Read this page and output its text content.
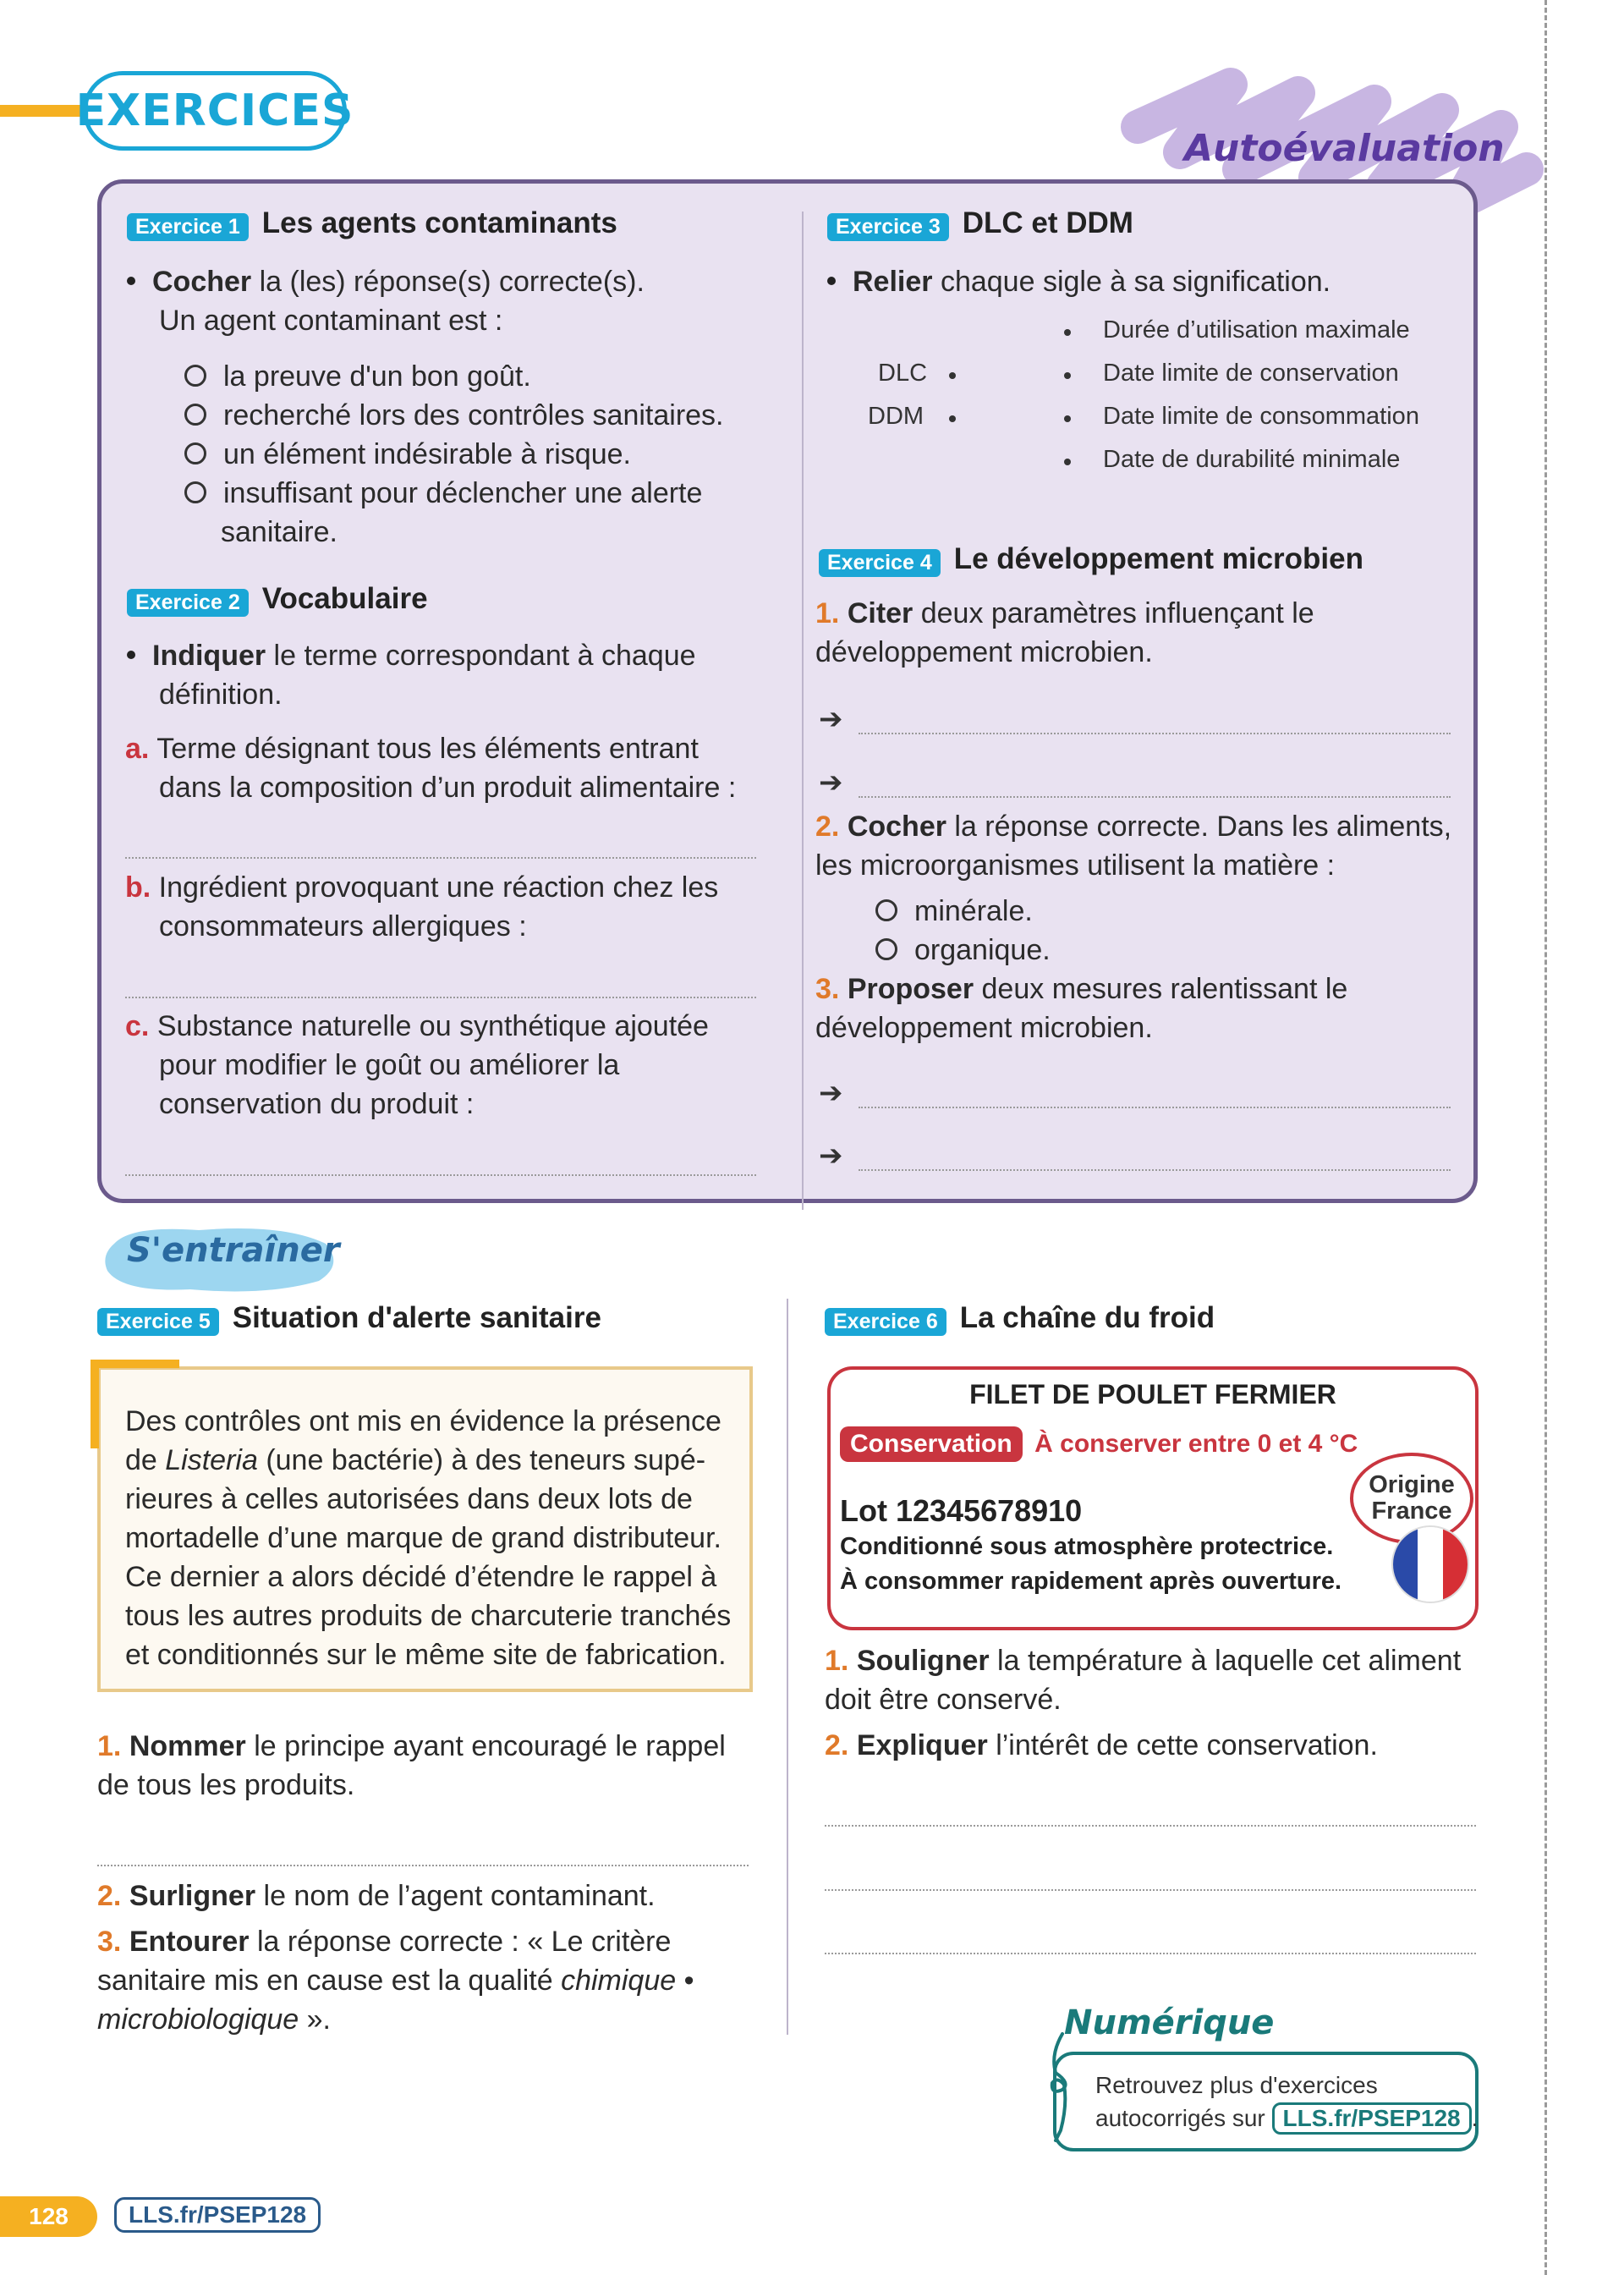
EXERCICES
Autoévaluation
Exercice 1 Les agents contaminants
Cocher la (les) réponse(s) correcte(s).
Un agent contaminant est :
la preuve d'un bon goût.
recherché lors des contrôles sanitaires.
un élément indésirable à risque.
insuffisant pour déclencher une alerte
sanitaire.
Exercice 2 Vocabulaire
Indiquer le terme correspondant à chaque
définition.
a. Terme désignant tous les éléments entrant
dans la composition d’un produit alimentaire :
b. Ingrédient provoquant une réaction chez les
consommateurs allergiques :
c. Substance naturelle ou synthétique ajoutée
pour modifier le goût ou améliorer la
conservation du produit :
Exercice 3 DLC et DDM
Relier chaque sigle à sa signification.
DLC
DDM
Durée d’utilisation maximale
Date limite de conservation
Date limite de consommation
Date de durabilité minimale
Exercice 4 Le développement microbien
1. Citer deux paramètres influençant le
développement microbien.
➔
➔
2. Cocher la réponse correcte. Dans les aliments,
les microorganismes utilisent la matière :
minérale.
organique.
3. Proposer deux mesures ralentissant le
développement microbien.
➔
➔
S'entraîner
Exercice 5 Situation d'alerte sanitaire
Des contrôles ont mis en évidence la présence
de Listeria (une bactérie) à des teneurs supé-
rieures à celles autorisées dans deux lots de
mortadelle d’une marque de grand distributeur.
Ce dernier a alors décidé d’étendre le rappel à
tous les autres produits de charcuterie tranchés
et conditionnés sur le même site de fabrication.
1. Nommer le principe ayant encouragé le rappel
de tous les produits.
2. Surligner le nom de l’agent contaminant.
3. Entourer la réponse correcte : « Le critère
sanitaire mis en cause est la qualité chimique •
microbiologique ».
Exercice 6 La chaîne du froid
FILET DE POULET FERMIER
Conservation À conserver entre 0 et 4 °C
Lot 12345678910
Conditionné sous atmosphère protectrice.
À consommer rapidement après ouverture.
Origine
France
1. Souligner la température à laquelle cet aliment
doit être conservé.
2. Expliquer l’intérêt de cette conservation.
Numérique
Retrouvez plus d'exercices
autocorrigés sur LLS.fr/PSEP128 .
128	LLS.fr/PSEP128
